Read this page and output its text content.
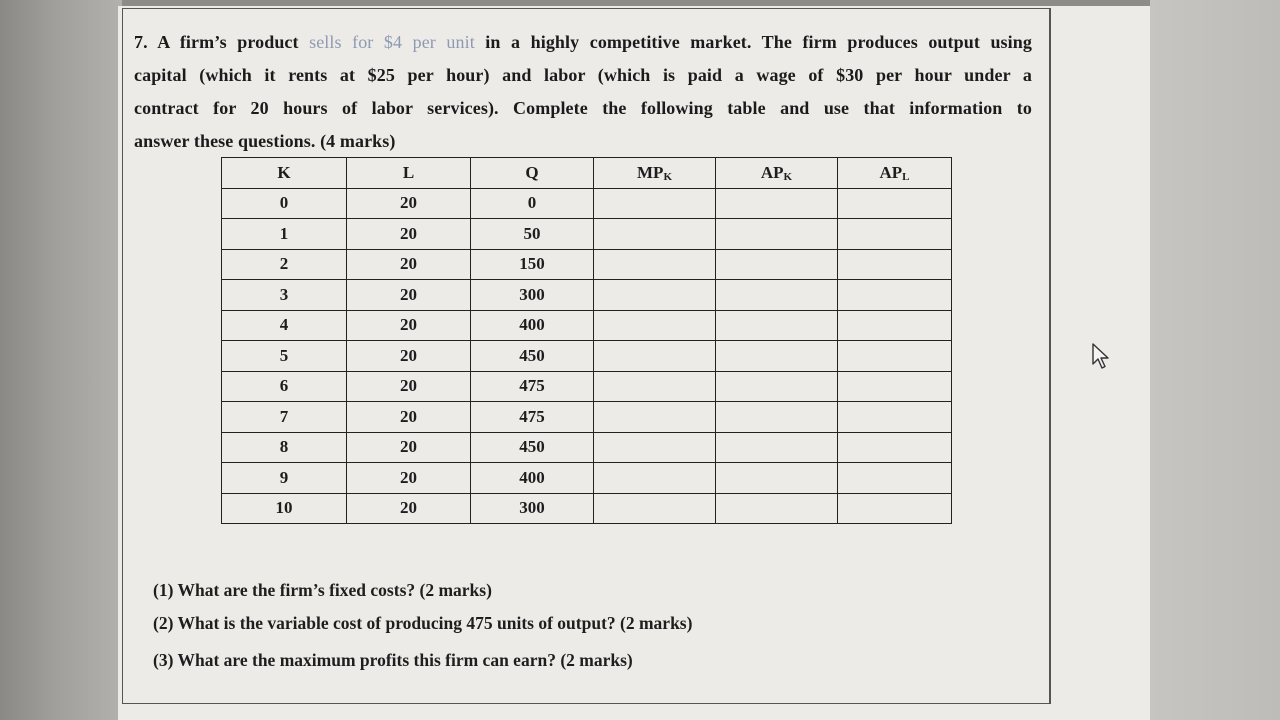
7. A firm’s product sells for $4 per unit in a highly competitive market. The firm produces output using
capital (which it rents at $25 per hour) and labor (which is paid a wage of $30 per hour under a
contract for 20 hours of labor services). Complete the following table and use that information to
answer these questions. (4 marks)
K	L	Q	MPK	APK	APL
0	20	0			
1	20	50			
2	20	150			
3	20	300			
4	20	400			
5	20	450			
6	20	475			
7	20	475			
8	20	450			
9	20	400			
10	20	300			
(1) What are the firm’s fixed costs? (2 marks)
(2) What is the variable cost of producing 475 units of output? (2 marks)
(3) What are the maximum profits this firm can earn? (2 marks)
